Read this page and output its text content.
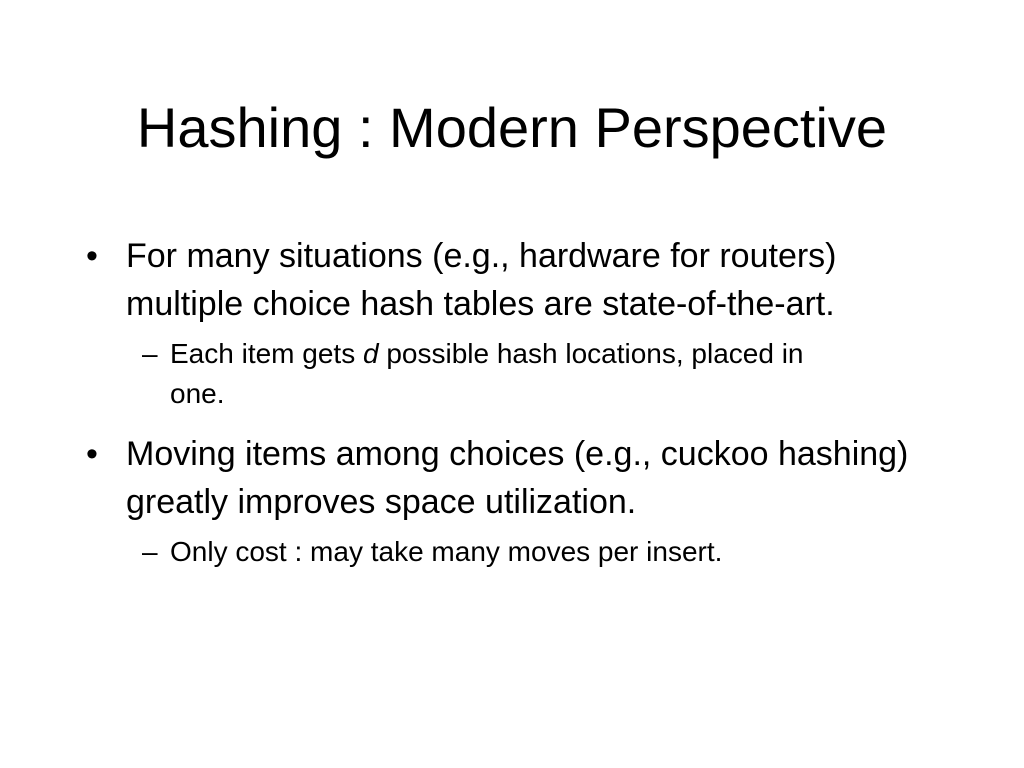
Hashing : Modern Perspective
• For many situations (e.g., hardware for routers) multiple choice hash tables are state-of-the-art.
– Each item gets d possible hash locations, placed in one.
• Moving items among choices (e.g., cuckoo hashing) greatly improves space utilization.
– Only cost : may take many moves per insert.
